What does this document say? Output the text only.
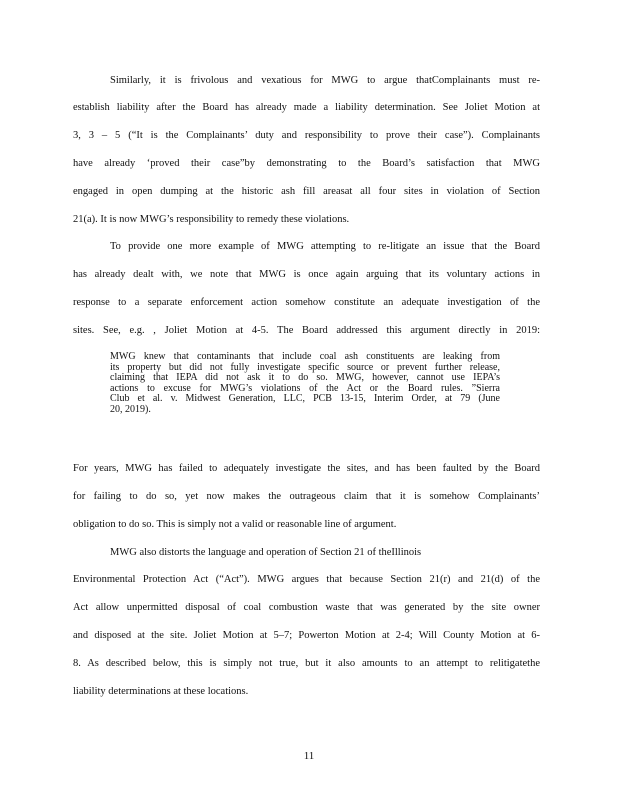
Similarly, it is frivolous and vexatious for MWG to argue thatComplainants must re-
establish liability after the Board has already made a liability determination. See Joliet Motion at
3, 3 – 5 (“It is the Complainants’ duty and responsibility to prove their case”). Complainants
have already ‘proved their case”by demonstrating to the Board’s satisfaction that MWG
engaged in open dumping at the historic ash fill areasat all four sites in violation of Section
21(a). It is now MWG’s responsibility to remedy these violations.
To provide one more example of MWG attempting to re-litigate an issue that the Board
has already dealt with, we note that MWG is once again arguing that its voluntary actions in
response to a separate enforcement action somehow constitute an adequate investigation of the
sites. See, e.g. , Joliet Motion at 4-5. The Board addressed this argument directly in 2019:
MWG knew that contaminants that include coal ash constituents are leaking from
its property but did not fully investigate specific source or prevent further release,
claiming that IEPA did not ask it to do so. MWG, however, cannot use IEPA’s
actions to excuse for MWG’s violations of the Act or the Board rules. ”Sierra
Club et al. v. Midwest Generation, LLC, PCB 13-15, Interim Order, at 79 (June
20, 2019).
For years, MWG has failed to adequately investigate the sites, and has been faulted by the Board
for failing to do so, yet now makes the outrageous claim that it is somehow Complainants’
obligation to do so. This is simply not a valid or reasonable line of argument.
MWG also distorts the language and operation of Section 21 of theIllinois
Environmental Protection Act (“Act”). MWG argues that because Section 21(r) and 21(d) of the
Act allow unpermitted disposal of coal combustion waste that was generated by the site owner
and disposed at the site. Joliet Motion at 5–7; Powerton Motion at 2-4; Will County Motion at 6-
8. As described below, this is simply not true, but it also amounts to an attempt to relitigatethe
liability determinations at these locations.
11
